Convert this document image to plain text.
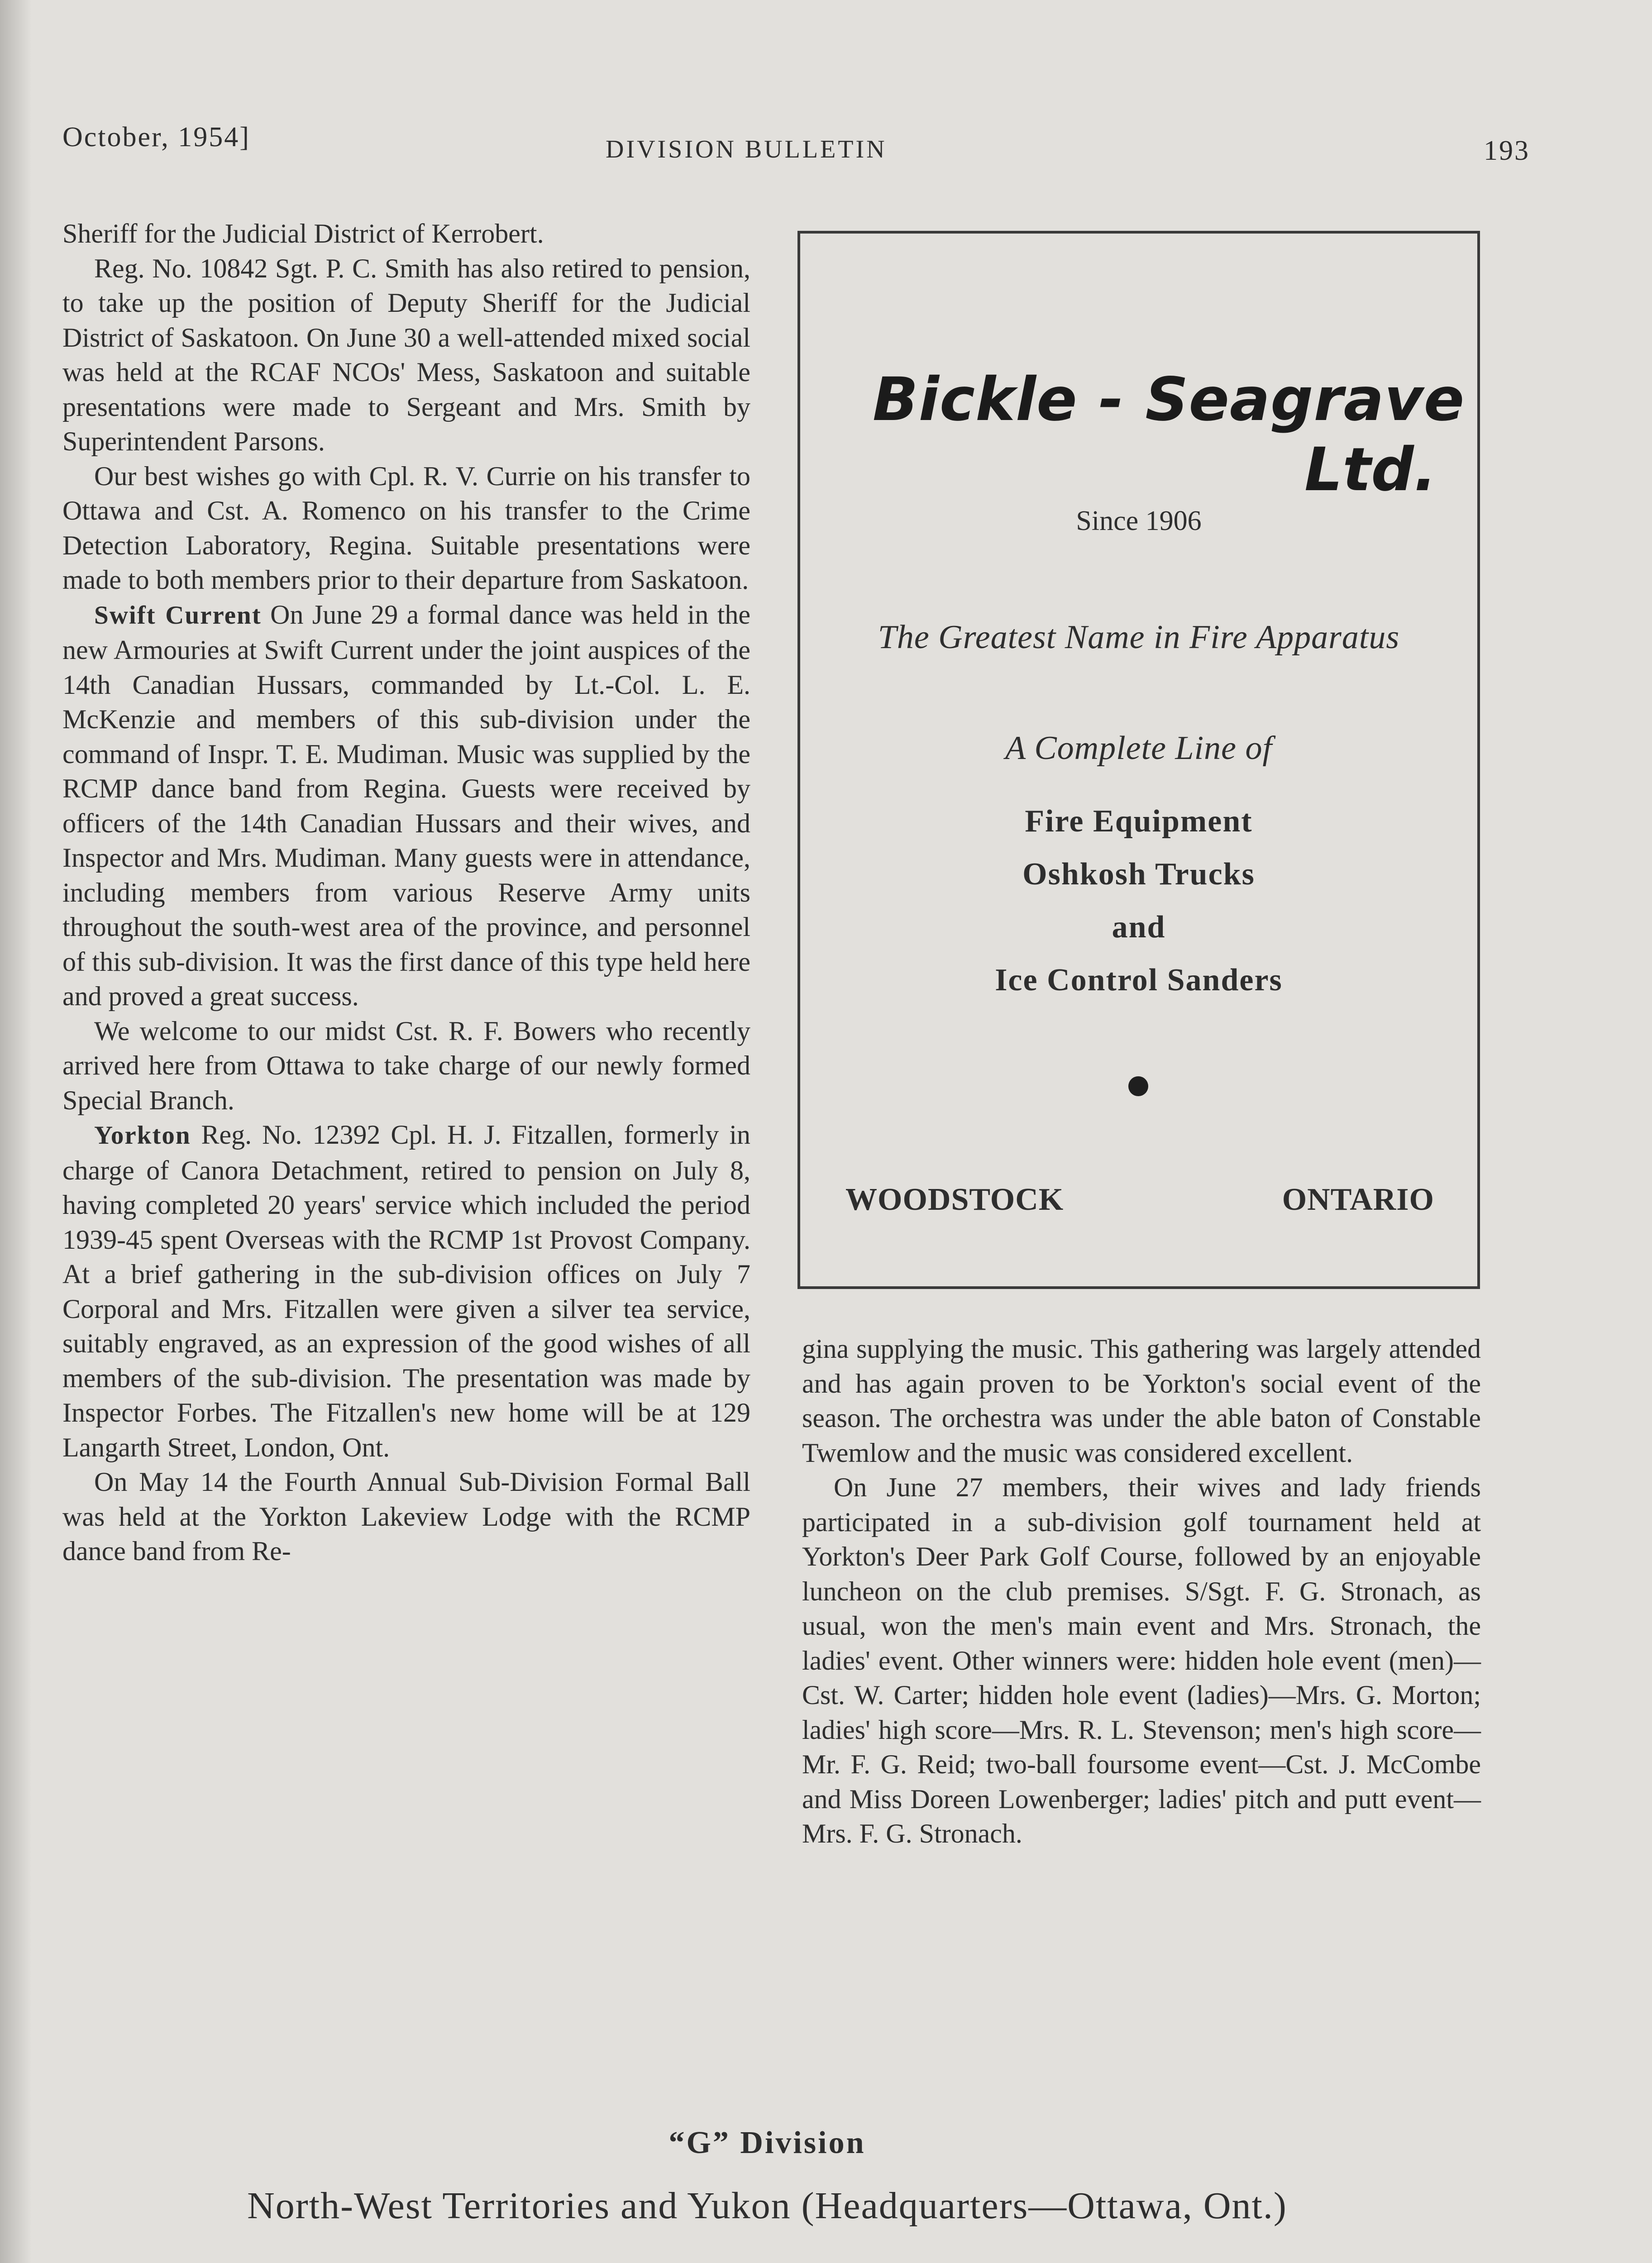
October, 1954]	DIVISION BULLETIN	193

Sheriff for the Judicial District of Kerrobert.

Reg. No. 10842 Sgt. P. C. Smith has also retired to pension, to take up the position of Deputy Sheriff for the Judicial District of Saskatoon. On June 30 a well-attended mixed social was held at the RCAF NCOs' Mess, Saskatoon and suitable presentations were made to Sergeant and Mrs. Smith by Superintendent Parsons.

Our best wishes go with Cpl. R. V. Currie on his transfer to Ottawa and Cst. A. Romenco on his transfer to the Crime Detection Laboratory, Regina. Suitable presentations were made to both members prior to their departure from Saskatoon.

Swift Current On June 29 a formal dance was held in the new Armouries at Swift Current under the joint auspices of the 14th Canadian Hussars, commanded by Lt.-Col. L. E. McKenzie and members of this sub-division under the command of Inspr. T. E. Mudiman. Music was supplied by the RCMP dance band from Regina. Guests were received by officers of the 14th Canadian Hussars and their wives, and Inspector and Mrs. Mudiman. Many guests were in attendance, including members from various Reserve Army units throughout the south-west area of the province, and personnel of this sub-division. It was the first dance of this type held here and proved a great success.

We welcome to our midst Cst. R. F. Bowers who recently arrived here from Ottawa to take charge of our newly formed Special Branch.

Yorkton Reg. No. 12392 Cpl. H. J. Fitzallen, formerly in charge of Canora Detachment, retired to pension on July 8, having completed 20 years' service which included the period 1939-45 spent Overseas with the RCMP 1st Provost Company. At a brief gathering in the sub-division offices on July 7 Corporal and Mrs. Fitzallen were given a silver tea service, suitably engraved, as an expression of the good wishes of all members of the sub-division. The presentation was made by Inspector Forbes. The Fitzallen's new home will be at 129 Langarth Street, London, Ont.

On May 14 the Fourth Annual Sub-Division Formal Ball was held at the Yorkton Lakeview Lodge with the RCMP dance band from Re-

Bickle - Seagrave
Ltd.
Since 1906
The Greatest Name in Fire Apparatus
A Complete Line of
Fire Equipment
Oshkosh Trucks
and
Ice Control Sanders
WOODSTOCK	ONTARIO

gina supplying the music. This gathering was largely attended and has again proven to be Yorkton's social event of the season. The orchestra was under the able baton of Constable Twemlow and the music was considered excellent.

On June 27 members, their wives and lady friends participated in a sub-division golf tournament held at Yorkton's Deer Park Golf Course, followed by an enjoyable luncheon on the club premises. S/Sgt. F. G. Stronach, as usual, won the men's main event and Mrs. Stronach, the ladies' event. Other winners were: hidden hole event (men)—Cst. W. Carter; hidden hole event (ladies)—Mrs. G. Morton; ladies' high score—Mrs. R. L. Stevenson; men's high score—Mr. F. G. Reid; two-ball foursome event—Cst. J. McCombe and Miss Doreen Lowenberger; ladies' pitch and putt event—Mrs. F. G. Stronach.

“G” Division
North-West Territories and Yukon (Headquarters—Ottawa, Ont.)
